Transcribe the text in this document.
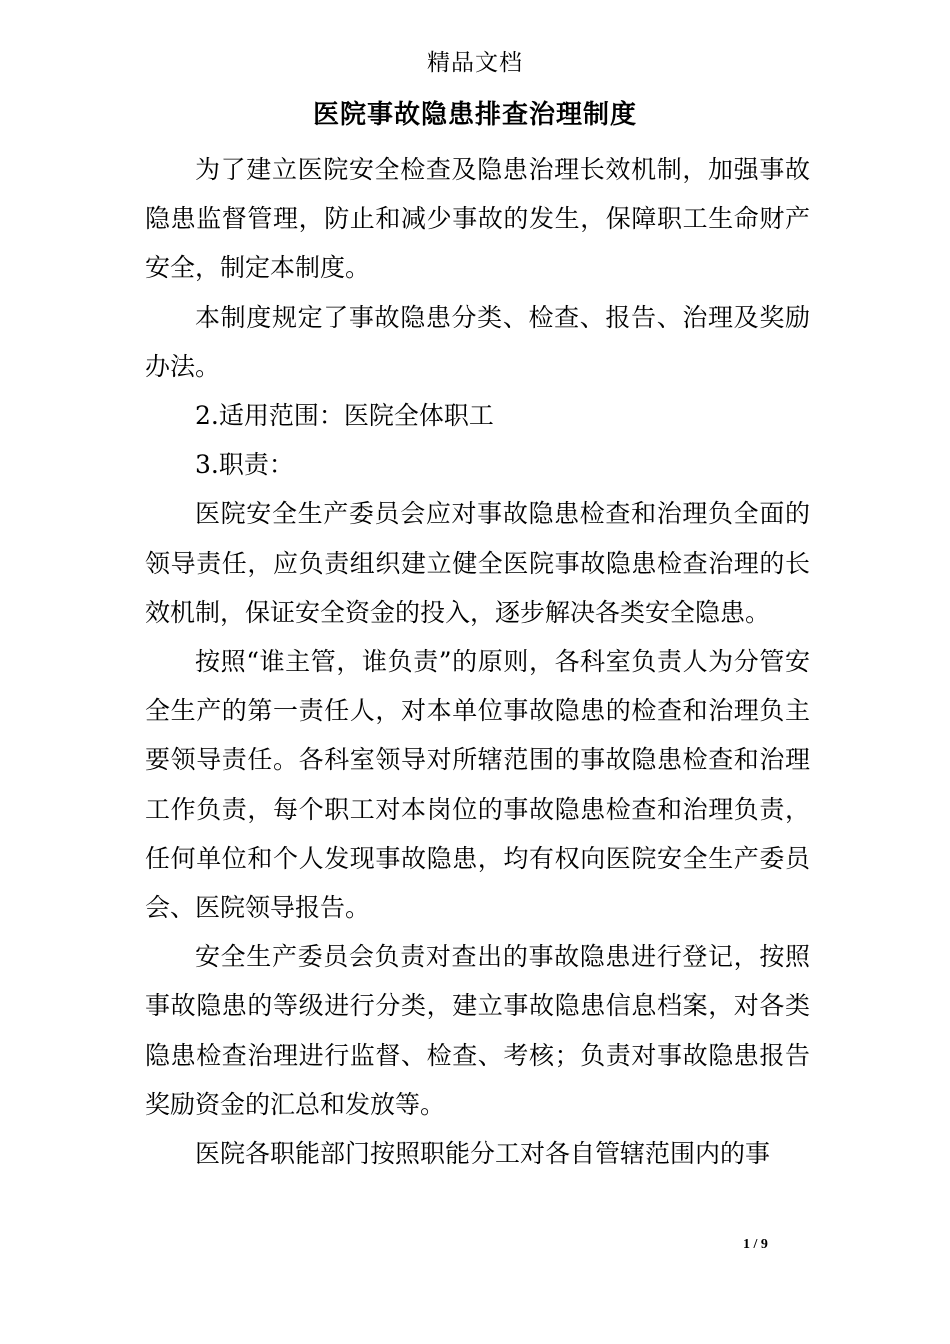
精品文档
医院事故隐患排查治理制度

为了建立医院安全检查及隐患治理长效机制，加强事故隐患监督管理，防止和减少事故的发生，保障职工生命财产安全，制定本制度。

本制度规定了事故隐患分类、检查、报告、治理及奖励办法。

2.适用范围：医院全体职工

3.职责：

医院安全生产委员会应对事故隐患检查和治理负全面的领导责任，应负责组织建立健全医院事故隐患检查治理的长效机制，保证安全资金的投入，逐步解决各类安全隐患。

按照“谁主管，谁负责”的原则，各科室负责人为分管安全生产的第一责任人，对本单位事故隐患的检查和治理负主要领导责任。各科室领导对所辖范围的事故隐患检查和治理工作负责，每个职工对本岗位的事故隐患检查和治理负责，任何单位和个人发现事故隐患，均有权向医院安全生产委员会、医院领导报告。

安全生产委员会负责对查出的事故隐患进行登记，按照事故隐患的等级进行分类，建立事故隐患信息档案，对各类隐患检查治理进行监督、检查、考核；负责对事故隐患报告奖励资金的汇总和发放等。

医院各职能部门按照职能分工对各自管辖范围内的事

1 / 9
